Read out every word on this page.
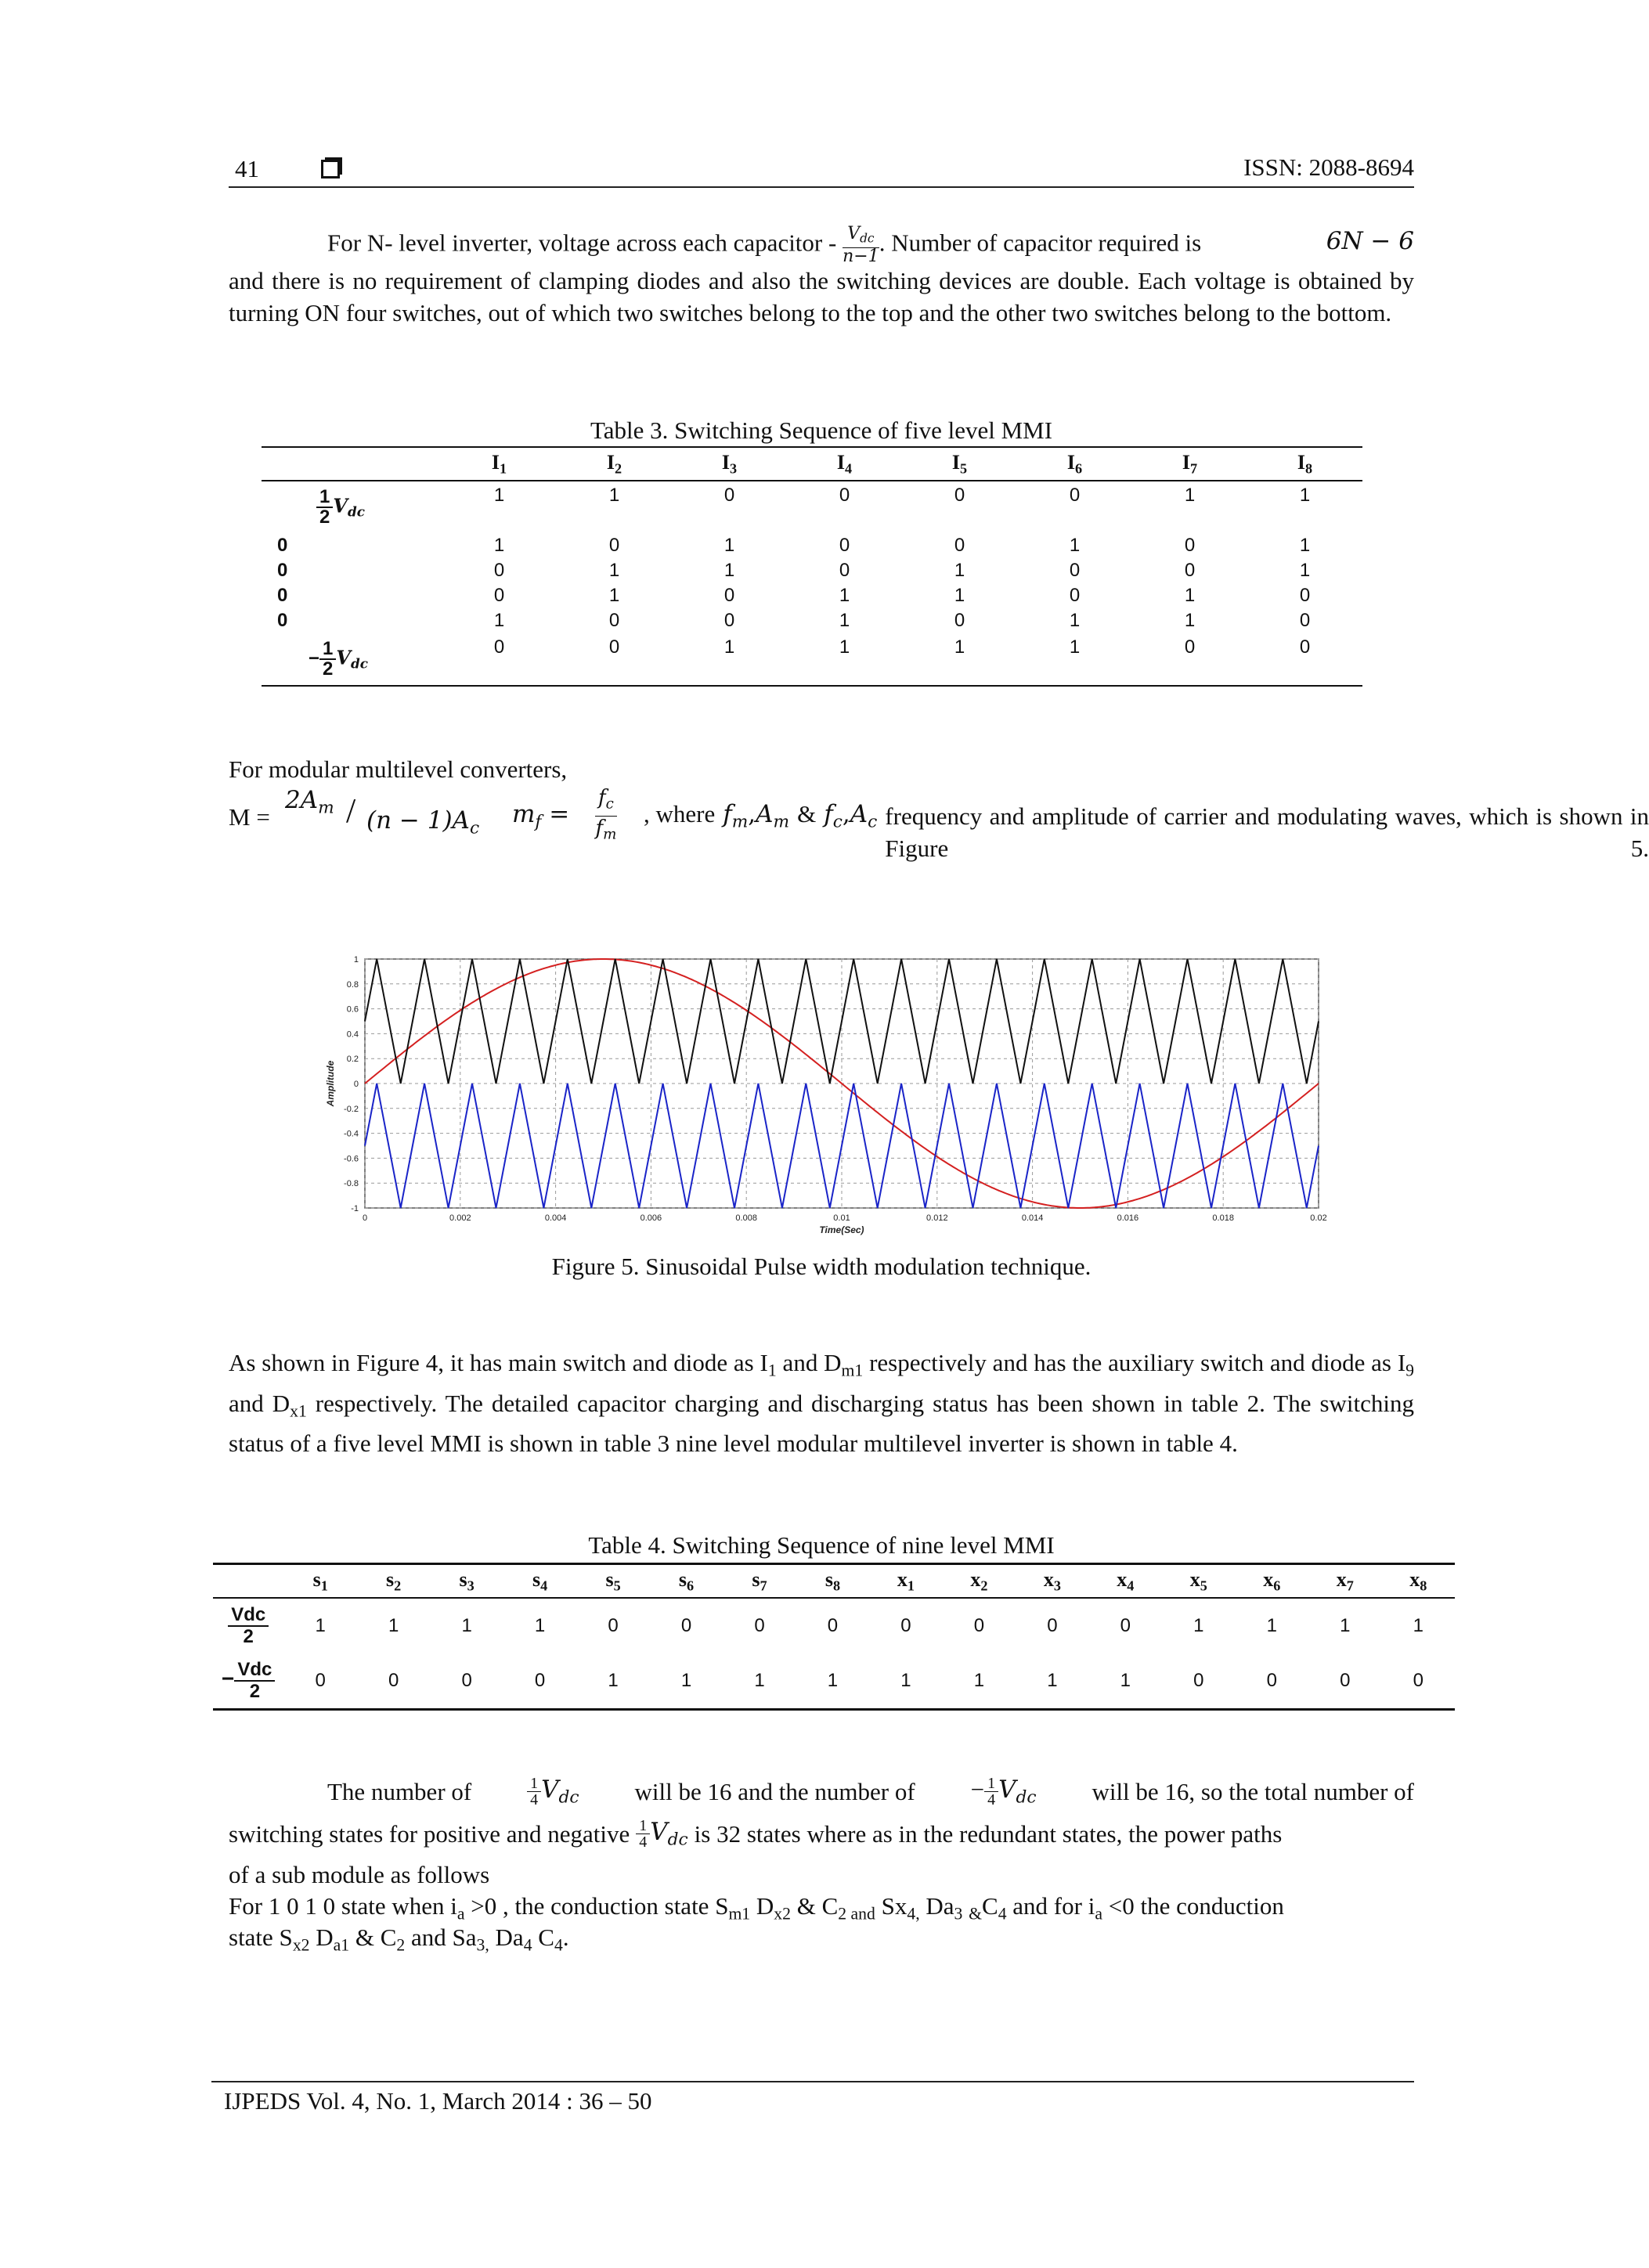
41	ISSN: 2088-8694
For N- level inverter, voltage across each capacitor - $\frac{V_{dc}}{n-1}$ . Number of capacitor required is	6N − 6
and there is no requirement of clamping diodes and also the switching devices are double. Each voltage is obtained by turning ON four switches, out of which two switches belong to the top and the other two switches belong to the bottom.
Table 3. Switching Sequence of five level MMI
	$I_1$	$I_2$	$I_3$	$I_4$	$I_5$	$I_6$	$I_7$	$I_8$

$\frac{1}{2} V_{dc}$	1	1	0	0	0	0	1	1
0	1	0	1	0	0	1	0	1
0	0	1	1	0	1	0	0	1
0	0	1	0	1	1	0	1	0
0	1	0	0	1	0	1	1	0
− $\frac{1}{2} V_{dc}$	0	0	1	1	1	1	0	0
For modular multilevel converters,
M =
$2A_m / (n - 1)A_c$ $m_f = \frac{f_c}{f_m}$ , where $f_m,A_m$ & $f_c,A_c$ frequency and amplitude of carrier and modulating waves, which is shown in Figure 5.
0	0.002	0.004	0.006	0.008	0.01	0.012	0.014	0.016	0.018	0.02
1
0.8
0.6
0.4
0.2
0
-0.2
-0.4
-0.6
-0.8
-1
Time(Sec)
Amplitude
Figure 5. Sinusoidal Pulse width modulation technique.
As shown in Figure 4, it has main switch and diode as $I_1$ and $D_{m1}$ respectively and has the auxiliary switch and diode as $I_9$ and $D_{x1}$ respectively. The detailed capacitor charging and discharging status has been shown in table 2. The switching status of a five level MMI is shown in table 3 nine level modular multilevel inverter is shown in table 4.
Table 4. Switching Sequence of nine level MMI
	$s_1$	$s_2$	$s_3$	$s_4$	$s_5$	$s_6$	$s_7$	$s_8$	$x_1$	$x_2$	$x_3$	$x_4$	$x_5$	$x_6$	$x_7$	$x_8$

$\frac{\text{Vdc}}{2}$	1	1	1	1	0	0	0	0	0	0	0	0	1	1	1	1
− $\frac{\text{Vdc}}{2}$	0	0	0	0	1	1	1	1	1	1	1	1	0	0	0	0
The number of	$\frac{1}{4} V_{dc}$ will be 16 and the number of − $\frac{1}{4} V_{dc}$ will be 16, so the total number of
switching states for positive and negative $\frac{1}{4} V_{dc}$ is 32 states where as in the redundant states, the power paths
of a sub module as follows
For 1 0 1 0 state when $i_a >0$ , the conduction state $S_{m1}$ $D_{x2}$ & $C_{2 and}$ $Sx_{4,}$ $Da_3$ $_{\&}C_4$ and for $i_a <0$ the conduction
state $S_{x2}$ $D_{a1}$ & $C_2$ and $Sa_{3,}$ $Da_4$ $C_4$.
IJPEDS Vol. 4, No. 1, March 2014 : 36 – 50
